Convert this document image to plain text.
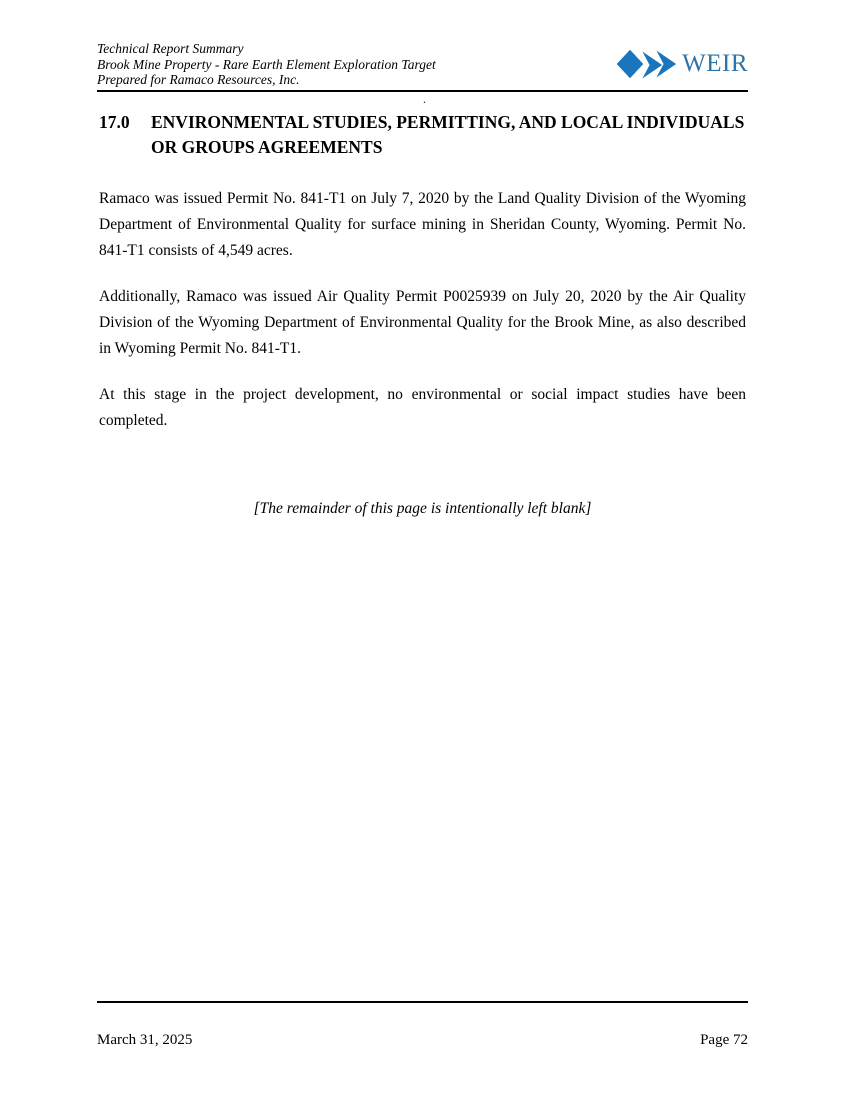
Technical Report Summary
Brook Mine Property - Rare Earth Element Exploration Target
Prepared for Ramaco Resources, Inc.
WEIR
.
17.0	ENVIRONMENTAL STUDIES, PERMITTING, AND LOCAL INDIVIDUALS OR GROUPS AGREEMENTS

Ramaco was issued Permit No. 841-T1 on July 7, 2020 by the Land Quality Division of the Wyoming Department of Environmental Quality for surface mining in Sheridan County, Wyoming. Permit No. 841-T1 consists of 4,549 acres.

Additionally, Ramaco was issued Air Quality Permit P0025939 on July 20, 2020 by the Air Quality Division of the Wyoming Department of Environmental Quality for the Brook Mine, as also described in Wyoming Permit No. 841-T1.

At this stage in the project development, no environmental or social impact studies have been completed.

[The remainder of this page is intentionally left blank]
March 31, 2025	Page 72
